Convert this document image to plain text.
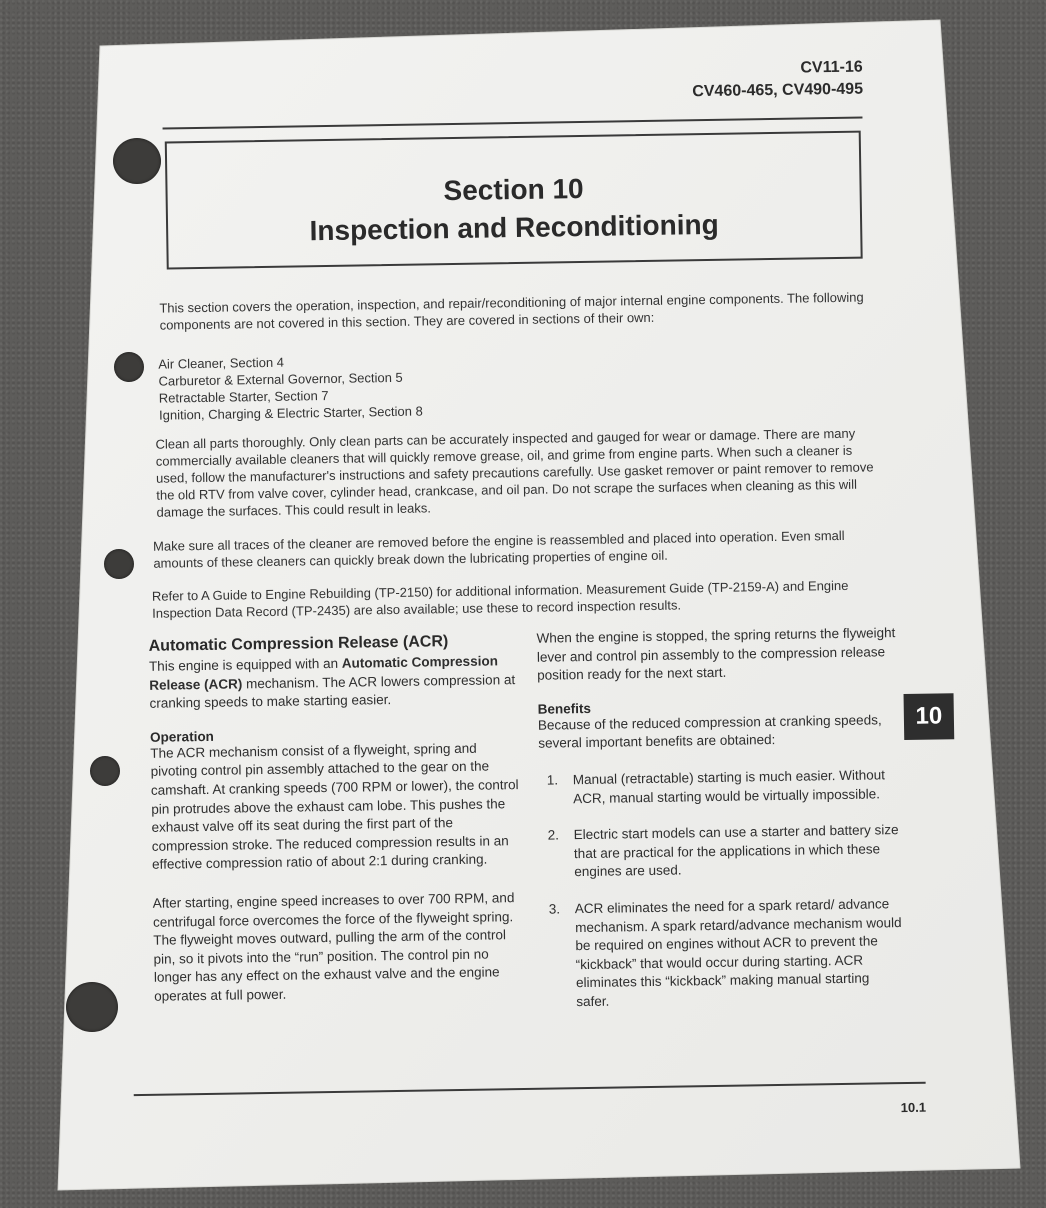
CV11-16
CV460-465, CV490-495
Section 10
Inspection and Reconditioning
This section covers the operation, inspection, and repair/reconditioning of major internal engine components. The following components are not covered in this section. They are covered in sections of their own:
Air Cleaner, Section 4
Carburetor & External Governor, Section 5
Retractable Starter, Section 7
Ignition, Charging & Electric Starter, Section 8
Clean all parts thoroughly. Only clean parts can be accurately inspected and gauged for wear or damage. There are many commercially available cleaners that will quickly remove grease, oil, and grime from engine parts. When such a cleaner is used, follow the manufacturer's instructions and safety precautions carefully. Use gasket remover or paint remover to remove the old RTV from valve cover, cylinder head, crankcase, and oil pan. Do not scrape the surfaces when cleaning as this will damage the surfaces. This could result in leaks.
Make sure all traces of the cleaner are removed before the engine is reassembled and placed into operation. Even small amounts of these cleaners can quickly break down the lubricating properties of engine oil.
Refer to A Guide to Engine Rebuilding (TP-2150) for additional information. Measurement Guide (TP-2159-A) and Engine Inspection Data Record (TP-2435) are also available; use these to record inspection results.
Automatic Compression Release (ACR)
This engine is equipped with an Automatic Compression Release (ACR) mechanism. The ACR lowers compression at cranking speeds to make starting easier.
Operation
The ACR mechanism consist of a flyweight, spring and pivoting control pin assembly attached to the gear on the camshaft. At cranking speeds (700 RPM or lower), the control pin protrudes above the exhaust cam lobe. This pushes the exhaust valve off its seat during the first part of the compression stroke. The reduced compression results in an effective compression ratio of about 2:1 during cranking.
After starting, engine speed increases to over 700 RPM, and centrifugal force overcomes the force of the flyweight spring. The flyweight moves outward, pulling the arm of the control pin, so it pivots into the “run” position. The control pin no longer has any effect on the exhaust valve and the engine operates at full power.
When the engine is stopped, the spring returns the flyweight lever and control pin assembly to the compression release position ready for the next start.
Benefits
Because of the reduced compression at cranking speeds, several important benefits are obtained:
1.	Manual (retractable) starting is much easier. Without ACR, manual starting would be virtually impossible.
2.	Electric start models can use a starter and battery size that are practical for the applications in which these engines are used.
3.	ACR eliminates the need for a spark retard/ advance mechanism. A spark retard/advance mechanism would be required on engines without ACR to prevent the “kickback” that would occur during starting. ACR eliminates this “kickback” making manual starting safer.
10
10.1
